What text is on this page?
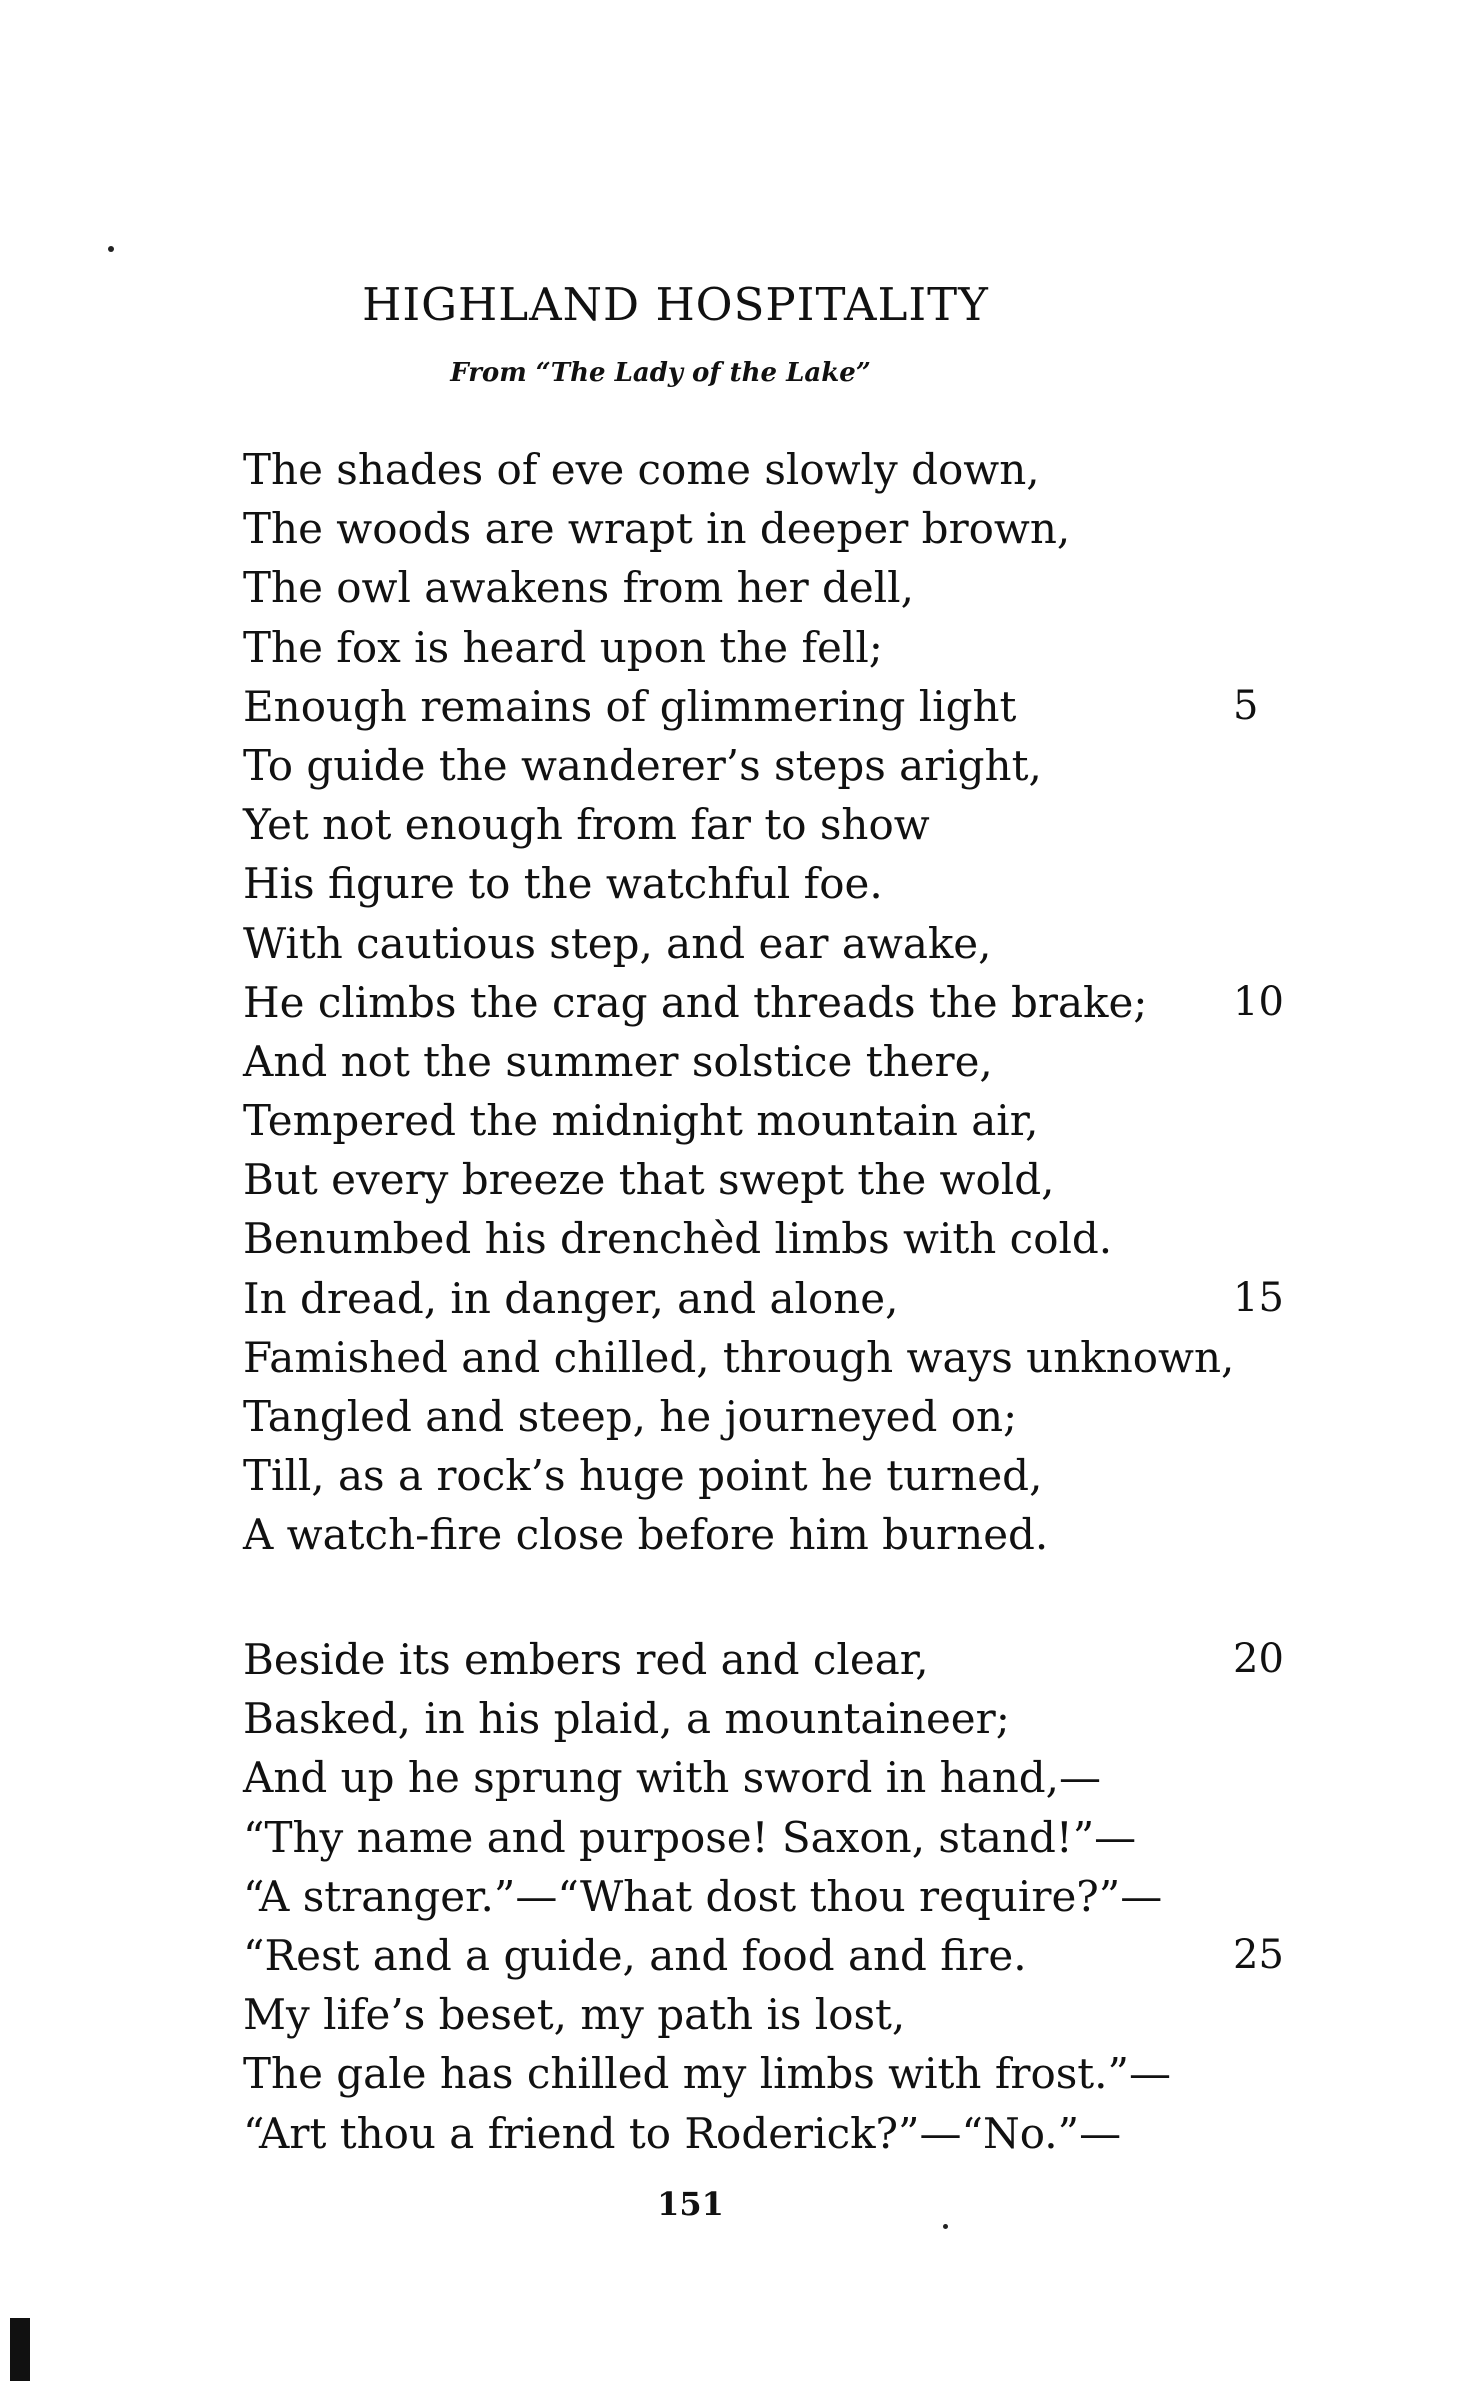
HIGHLAND HOSPITALITY
From “The Lady of the Lake”
The shades of eve come slowly down,
The woods are wrapt in deeper brown,
The owl awakens from her dell,
The fox is heard upon the fell;
Enough remains of glimmering light	5
To guide the wanderer’s steps aright,
Yet not enough from far to show
His figure to the watchful foe.
With cautious step, and ear awake,
He climbs the crag and threads the brake; 10
And not the summer solstice there,
Tempered the midnight mountain air,
But every breeze that swept the wold,
Benumbed his drenchèd limbs with cold.
In dread, in danger, and alone,	15
Famished and chilled, through ways unknown,
Tangled and steep, he journeyed on;
Till, as a rock’s huge point he turned,
A watch-fire close before him burned.
Beside its embers red and clear,	20
Basked, in his plaid, a mountaineer;
And up he sprung with sword in hand,—
“Thy name and purpose! Saxon, stand!”—
“A stranger.”—“What dost thou require?”—
“Rest and a guide, and food and fire.	25
My life’s beset, my path is lost,
The gale has chilled my limbs with frost.”—
“Art thou a friend to Roderick?”—“No.”—
151
